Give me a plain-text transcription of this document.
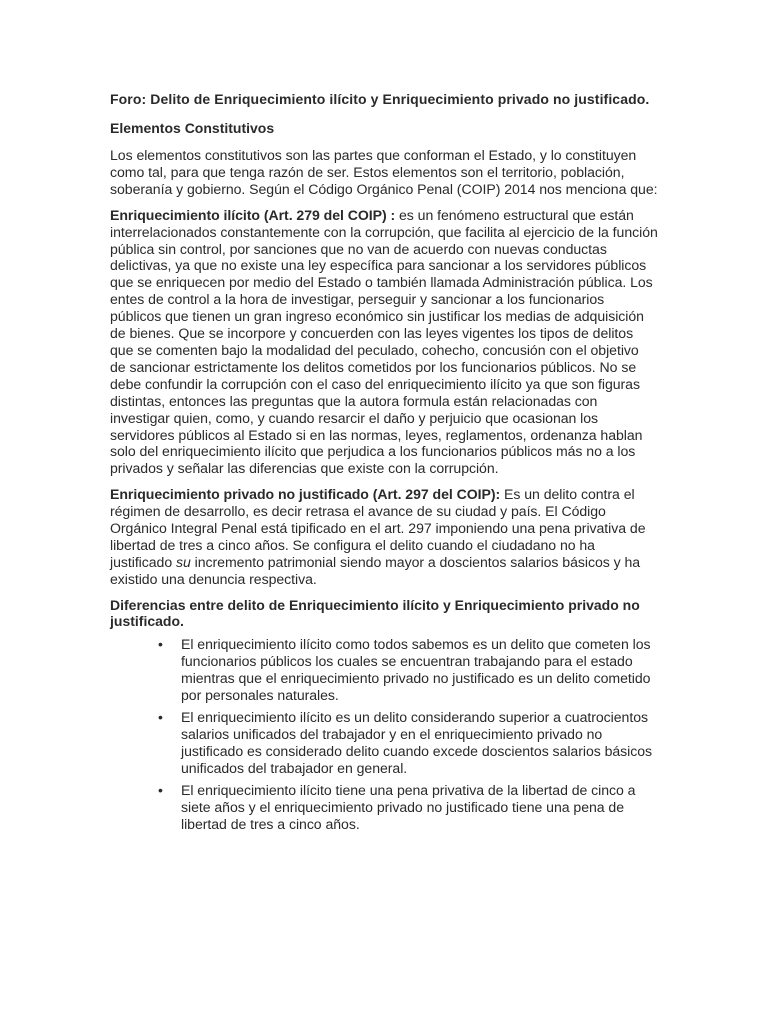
Foro: Delito de Enriquecimiento ilícito y Enriquecimiento privado no justificado.
Elementos Constitutivos
Los elementos constitutivos son las partes que conforman el Estado, y lo constituyen como tal, para que tenga razón de ser. Estos elementos son el territorio, población, soberanía y gobierno. Según el Código Orgánico Penal (COIP) 2014 nos menciona que:
Enriquecimiento ilícito (Art. 279 del COIP) : es un fenómeno estructural que están interrelacionados constantemente con la corrupción, que facilita al ejercicio de la función pública sin control, por sanciones que no van de acuerdo con nuevas conductas delictivas, ya que no existe una ley específica para sancionar a los servidores públicos que se enriquecen por medio del Estado o también llamada Administración pública. Los entes de control a la hora de investigar, perseguir y sancionar a los funcionarios públicos que tienen un gran ingreso económico sin justificar los medias de adquisición de bienes. Que se incorpore y concuerden con las leyes vigentes los tipos de delitos que se comenten bajo la modalidad del peculado, cohecho, concusión con el objetivo de sancionar estrictamente los delitos cometidos por los funcionarios públicos. No se debe confundir la corrupción con el caso del enriquecimiento ilícito ya que son figuras distintas, entonces las preguntas que la autora formula están relacionadas con investigar quien, como, y cuando resarcir el daño y perjuicio que ocasionan los servidores públicos al Estado si en las normas, leyes, reglamentos, ordenanza hablan solo del enriquecimiento ilícito que perjudica a los funcionarios públicos más no a los privados y señalar las diferencias que existe con la corrupción.
Enriquecimiento privado no justificado (Art. 297 del COIP): Es un delito contra el régimen de desarrollo, es decir retrasa el avance de su ciudad y país. El Código Orgánico Integral Penal está tipificado en el art. 297 imponiendo una pena privativa de libertad de tres a cinco años. Se configura el delito cuando el ciudadano no ha justificado su incremento patrimonial siendo mayor a doscientos salarios básicos y ha existido una denuncia respectiva.
Diferencias entre delito de Enriquecimiento ilícito y Enriquecimiento privado no justificado.
• El enriquecimiento ilícito como todos sabemos es un delito que cometen los funcionarios públicos los cuales se encuentran trabajando para el estado mientras que el enriquecimiento privado no justificado es un delito cometido por personales naturales.
• El enriquecimiento ilícito es un delito considerando superior a cuatrocientos salarios unificados del trabajador y en el enriquecimiento privado no justificado es considerado delito cuando excede doscientos salarios básicos unificados del trabajador en general.
• El enriquecimiento ilícito tiene una pena privativa de la libertad de cinco a siete años y el enriquecimiento privado no justificado tiene una pena de libertad de tres a cinco años.
